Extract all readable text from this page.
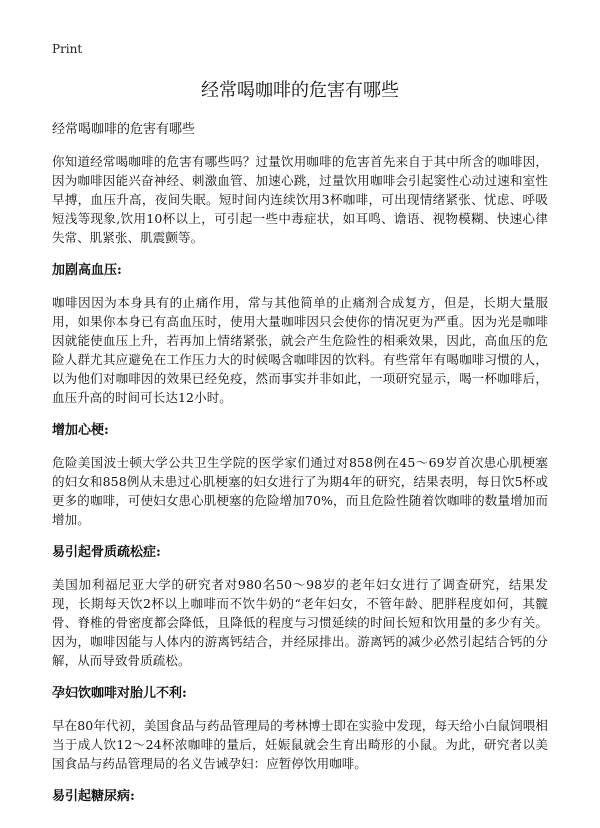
Print
经常喝咖啡的危害有哪些

经常喝咖啡的危害有哪些

你知道经常喝咖啡的危害有哪些吗？过量饮用咖啡的危害首先来自于其中所含的咖啡因，因为咖啡因能兴奋神经、刺激血管、加速心跳，过量饮用咖啡会引起窦性心动过速和室性早搏，血压升高，夜间失眠。短时间内连续饮用3杯咖啡，可出现情绪紧张、忧虑、呼吸短浅等现象,饮用10杯以上，可引起一些中毒症状，如耳鸣、谵语、视物模糊、快速心律失常、肌紧张、肌震颤等。

加剧高血压:

咖啡因因为本身具有的止痛作用，常与其他简单的止痛剂合成复方，但是，长期大量服用，如果你本身已有高血压时，使用大量咖啡因只会使你的情况更为严重。因为光是咖啡因就能使血压上升，若再加上情绪紧张，就会产生危险性的相乘效果，因此，高血压的危险人群尤其应避免在工作压力大的时候喝含咖啡因的饮料。有些常年有喝咖啡习惯的人，以为他们对咖啡因的效果已经免疫，然而事实并非如此，一项研究显示，喝一杯咖啡后，血压升高的时间可长达12小时。

增加心梗:

危险美国波士顿大学公共卫生学院的医学家们通过对858例在45～69岁首次患心肌梗塞的妇女和858例从未患过心肌梗塞的妇女进行了为期4年的研究，结果表明，每日饮5杯或更多的咖啡，可使妇女患心肌梗塞的危险增加70%，而且危险性随着饮咖啡的数量增加而增加。

易引起骨质疏松症:

美国加利福尼亚大学的研究者对980名50～98岁的老年妇女进行了调查研究，结果发现，长期每天饮2杯以上咖啡而不饮牛奶的“老年妇女，不管年龄、肥胖程度如何，其髋骨、脊椎的骨密度都会降低，且降低的程度与习惯延续的时间长短和饮用量的多少有关。因为，咖啡因能与人体内的游离钙结合，并经尿排出。游离钙的减少必然引起结合钙的分解，从而导致骨质疏松。

孕妇饮咖啡对胎儿不利:

早在80年代初，美国食品与药品管理局的考林博士即在实验中发现，每天给小白鼠饲喂相当于成人饮12～24杯浓咖啡的量后，妊娠鼠就会生育出畸形的小鼠。为此，研究者以美国食品与药品管理局的名义告诫孕妇：应暂停饮用咖啡。

易引起糖尿病:
